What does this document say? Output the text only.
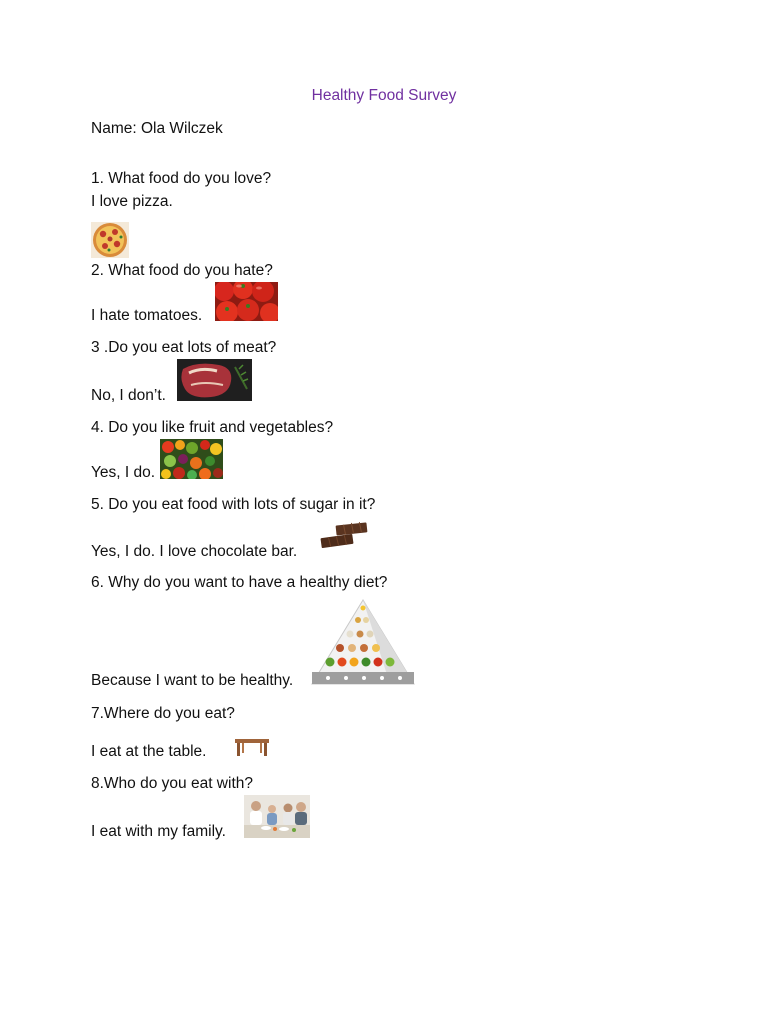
Healthy Food Survey
Name: Ola Wilczek
1. What food do you love?
I love pizza.
2. What food do you hate?
I hate tomatoes.
3 .Do you eat lots of meat?
No, I don’t.
4. Do you like fruit and vegetables?
Yes, I do.
5. Do you eat food with lots of sugar in it?
Yes, I do. I love chocolate bar.
6. Why do you want to have a healthy diet?
Because I want to be healthy.
7.Where do you eat?
I eat at the table.
8.Who do you eat with?
I eat with my family.
